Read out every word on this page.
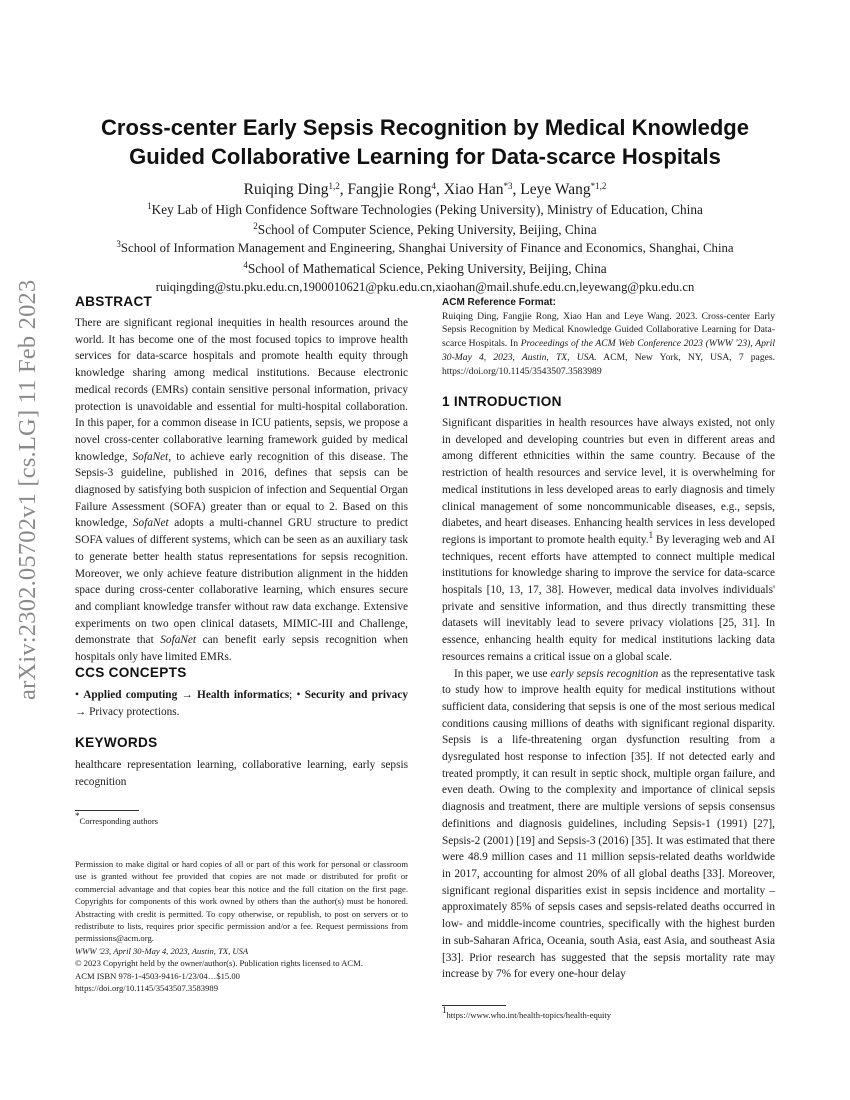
arXiv:2302.05702v1 [cs.LG] 11 Feb 2023
Cross-center Early Sepsis Recognition by Medical Knowledge
Guided Collaborative Learning for Data-scarce Hospitals
Ruiqing Ding$^{1,2}$, Fangjie Rong$^4$, Xiao Han$^{*3}$, Leye Wang$^{*1,2}$
$^1$Key Lab of High Confidence Software Technologies (Peking University), Ministry of Education, China
$^2$School of Computer Science, Peking University, Beijing, China
$^3$School of Information Management and Engineering, Shanghai University of Finance and Economics, Shanghai, China
$^4$School of Mathematical Science, Peking University, Beijing, China
ruiqingding@stu.pku.edu.cn,1900010621@pku.edu.cn,xiaohan@mail.shufe.edu.cn,leyewang@pku.edu.cn
ABSTRACT
There are significant regional inequities in health resources around the world. It has become one of the most focused topics to improve health services for data-scarce hospitals and promote health equity through knowledge sharing among medical institutions. Because electronic medical records (EMRs) contain sensitive personal information, privacy protection is unavoidable and essential for multi-hospital collaboration. In this paper, for a common disease in ICU patients, sepsis, we propose a novel cross-center collaborative learning framework guided by medical knowledge, SofaNet, to achieve early recognition of this disease. The Sepsis-3 guideline, published in 2016, defines that sepsis can be diagnosed by satisfying both suspicion of infection and Sequential Organ Failure Assessment (SOFA) greater than or equal to 2. Based on this knowledge, SofaNet adopts a multi-channel GRU structure to predict SOFA values of different systems, which can be seen as an auxiliary task to generate better health status representations for sepsis recognition. Moreover, we only achieve feature distribution alignment in the hidden space during cross-center collaborative learning, which ensures secure and compliant knowledge transfer without raw data exchange. Extensive experiments on two open clinical datasets, MIMIC-III and Challenge, demonstrate that SofaNet can benefit early sepsis recognition when hospitals only have limited EMRs.
CCS CONCEPTS
• Applied computing → Health informatics; • Security and privacy → Privacy protections.
KEYWORDS
healthcare representation learning, collaborative learning, early sepsis recognition
*Corresponding authors
Permission to make digital or hard copies of all or part of this work for personal or classroom use is granted without fee provided that copies are not made or distributed for profit or commercial advantage and that copies bear this notice and the full citation on the first page. Copyrights for components of this work owned by others than the author(s) must be honored. Abstracting with credit is permitted. To copy otherwise, or republish, to post on servers or to redistribute to lists, requires prior specific permission and/or a fee. Request permissions from permissions@acm.org.
WWW '23, April 30-May 4, 2023, Austin, TX, USA
© 2023 Copyright held by the owner/author(s). Publication rights licensed to ACM.
ACM ISBN 978-1-4503-9416-1/23/04…$15.00
https://doi.org/10.1145/3543507.3583989
ACM Reference Format:
Ruiqing Ding, Fangjie Rong, Xiao Han and Leye Wang. 2023. Cross-center Early Sepsis Recognition by Medical Knowledge Guided Collaborative Learning for Data-scarce Hospitals. In Proceedings of the ACM Web Conference 2023 (WWW '23), April 30-May 4, 2023, Austin, TX, USA. ACM, New York, NY, USA, 7 pages. https://doi.org/10.1145/3543507.3583989
1 INTRODUCTION
Significant disparities in health resources have always existed, not only in developed and developing countries but even in different areas and among different ethnicities within the same country. Because of the restriction of health resources and service level, it is overwhelming for medical institutions in less developed areas to early diagnosis and timely clinical management of some noncommunicable diseases, e.g., sepsis, diabetes, and heart diseases. Enhancing health services in less developed regions is important to promote health equity.$^1$ By leveraging web and AI techniques, recent efforts have attempted to connect multiple medical institutions for knowledge sharing to improve the service for data-scarce hospitals [10, 13, 17, 38]. However, medical data involves individuals' private and sensitive information, and thus directly transmitting these datasets will inevitably lead to severe privacy violations [25, 31]. In essence, enhancing health equity for medical institutions lacking data resources remains a critical issue on a global scale.
In this paper, we use early sepsis recognition as the representative task to study how to improve health equity for medical institutions without sufficient data, considering that sepsis is one of the most serious medical conditions causing millions of deaths with significant regional disparity. Sepsis is a life-threatening organ dysfunction resulting from a dysregulated host response to infection [35]. If not detected early and treated promptly, it can result in septic shock, multiple organ failure, and even death. Owing to the complexity and importance of clinical sepsis diagnosis and treatment, there are multiple versions of sepsis consensus definitions and diagnosis guidelines, including Sepsis-1 (1991) [27], Sepsis-2 (2001) [19] and Sepsis-3 (2016) [35]. It was estimated that there were 48.9 million cases and 11 million sepsis-related deaths worldwide in 2017, accounting for almost 20% of all global deaths [33]. Moreover, significant regional disparities exist in sepsis incidence and mortality – approximately 85% of sepsis cases and sepsis-related deaths occurred in low- and middle-income countries, specifically with the highest burden in sub-Saharan Africa, Oceania, south Asia, east Asia, and southeast Asia [33]. Prior research has suggested that the sepsis mortality rate may increase by 7% for every one-hour delay
$^1$https://www.who.int/health-topics/health-equity
